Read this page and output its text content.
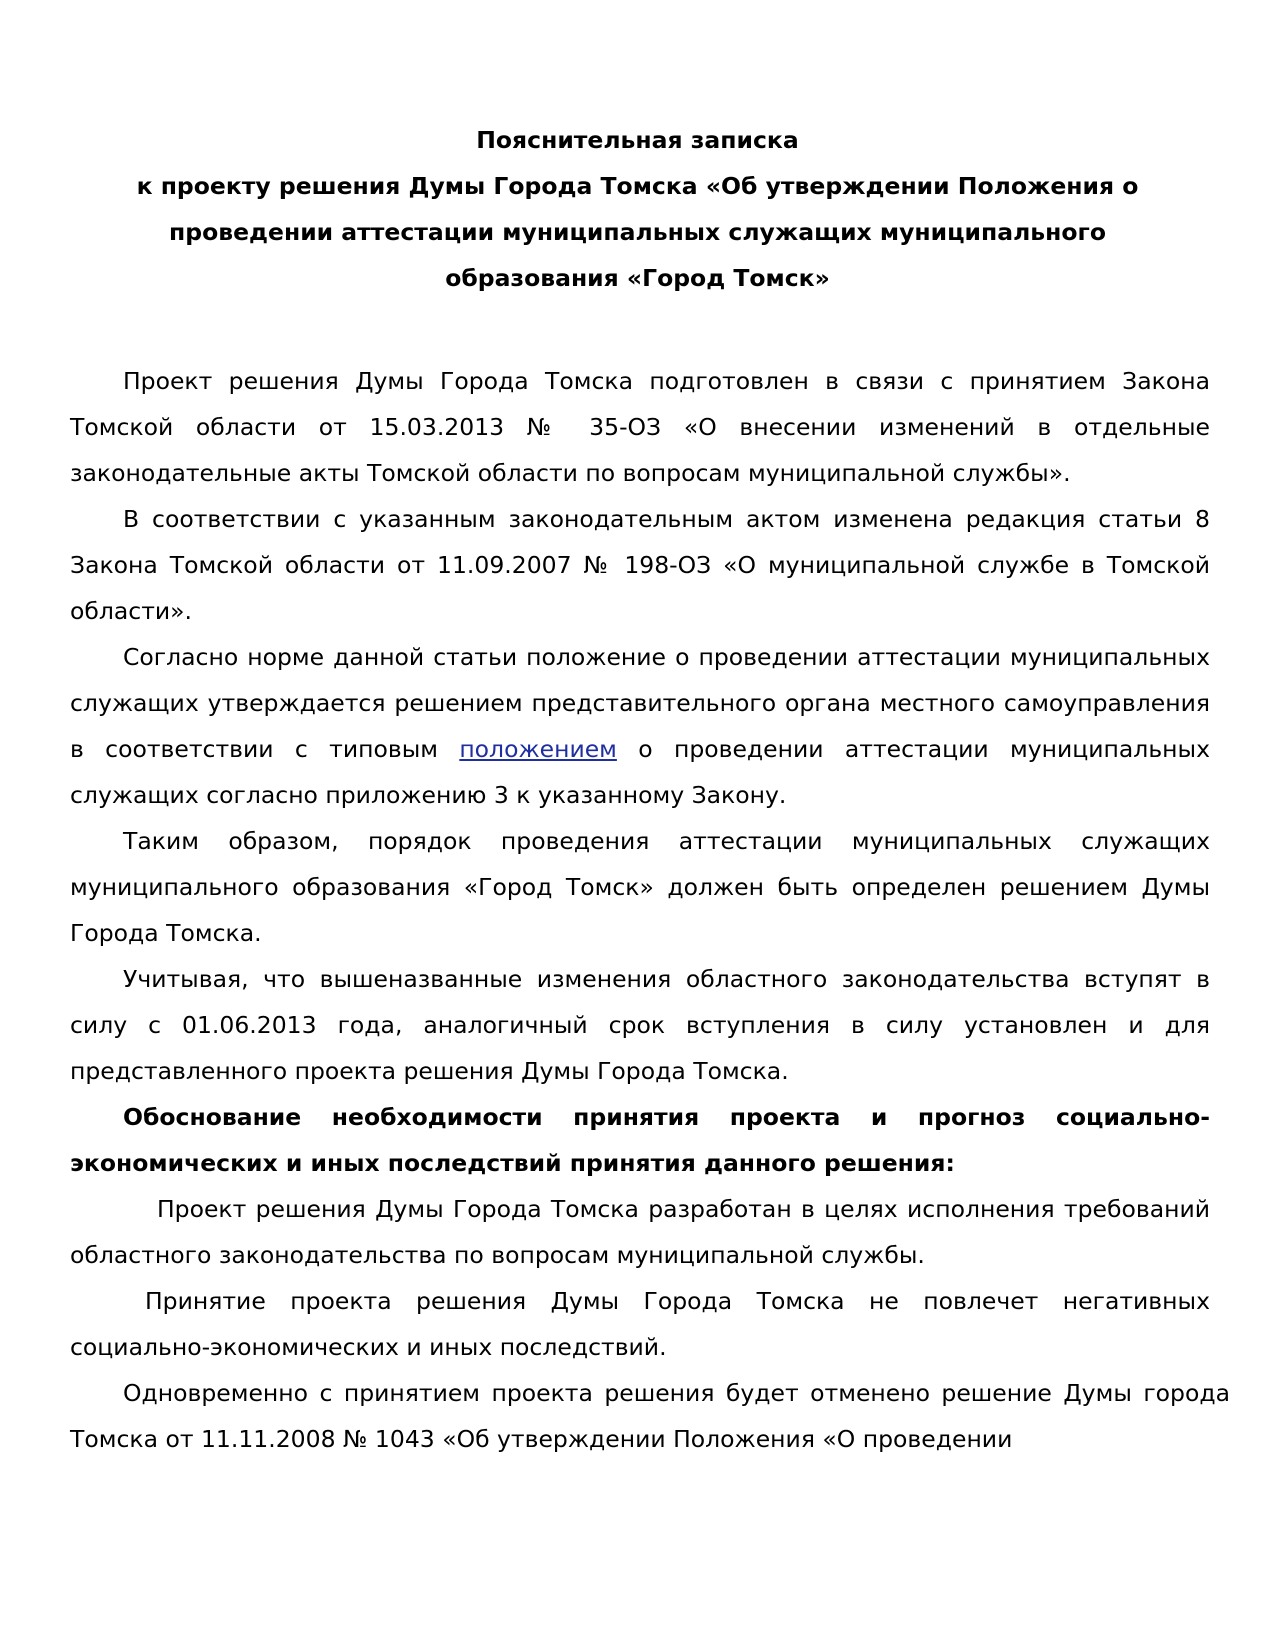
Пояснительная записка
к проекту решения Думы Города Томска «Об утверждении Положения о
проведении аттестации муниципальных служащих муниципального
образования «Город Томск»

Проект решения Думы Города Томска подготовлен в связи с принятием Закона Томской области от 15.03.2013 № 35-ОЗ «О внесении изменений в отдельные законодательные акты Томской области по вопросам муниципальной службы».

В соответствии с указанным законодательным актом изменена редакция статьи 8 Закона Томской области от 11.09.2007 № 198-ОЗ «О муниципальной службе в Томской области».

Согласно норме данной статьи положение о проведении аттестации муниципальных служащих утверждается решением представительного органа местного самоуправления в соответствии с типовым положением о проведении аттестации муниципальных служащих согласно приложению 3 к указанному Закону.

Таким образом, порядок проведения аттестации муниципальных служащих муниципального образования «Город Томск» должен быть определен решением Думы Города Томска.

Учитывая, что вышеназванные изменения областного законодательства вступят в силу с 01.06.2013 года, аналогичный срок вступления в силу установлен и для представленного проекта решения Думы Города Томска.

Обоснование необходимости принятия проекта и прогноз социально-экономических и иных последствий принятия данного решения:

Проект решения Думы Города Томска разработан в целях исполнения требований областного законодательства по вопросам муниципальной службы.

Принятие проекта решения Думы Города Томска не повлечет негативных социально-экономических и иных последствий.

Одновременно с принятием проекта решения будет отменено решение Думы города Томска от 11.11.2008 № 1043 «Об утверждении Положения «О проведении
